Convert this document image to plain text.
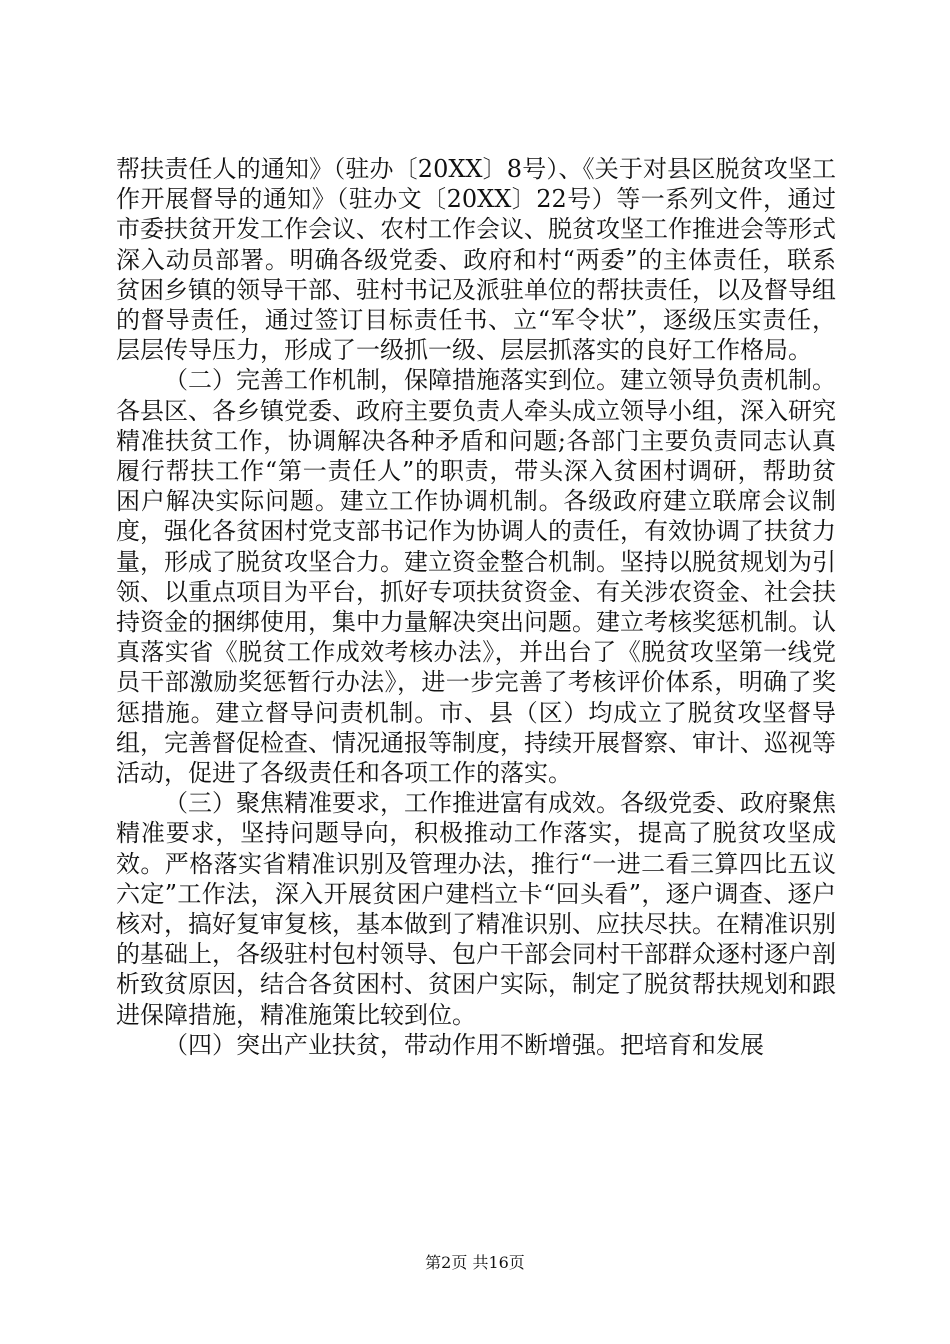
帮扶责任人的通知》（驻办〔20XX〕8号）、《关于对县区脱贫攻坚工作开展督导的通知》（驻办文〔20XX〕22号）等一系列文件，通过市委扶贫开发工作会议、农村工作会议、脱贫攻坚工作推进会等形式深入动员部署。明确各级党委、政府和村“两委”的主体责任，联系贫困乡镇的领导干部、驻村书记及派驻单位的帮扶责任，以及督导组的督导责任，通过签订目标责任书、立“军令状”，逐级压实责任，层层传导压力，形成了一级抓一级、层层抓落实的良好工作格局。

（二）完善工作机制，保障措施落实到位。建立领导负责机制。各县区、各乡镇党委、政府主要负责人牵头成立领导小组，深入研究精准扶贫工作，协调解决各种矛盾和问题;各部门主要负责同志认真履行帮扶工作“第一责任人”的职责，带头深入贫困村调研，帮助贫困户解决实际问题。建立工作协调机制。各级政府建立联席会议制度，强化各贫困村党支部书记作为协调人的责任，有效协调了扶贫力量，形成了脱贫攻坚合力。建立资金整合机制。坚持以脱贫规划为引领、以重点项目为平台，抓好专项扶贫资金、有关涉农资金、社会扶持资金的捆绑使用，集中力量解决突出问题。建立考核奖惩机制。认真落实省《脱贫工作成效考核办法》，并出台了《脱贫攻坚第一线党员干部激励奖惩暂行办法》，进一步完善了考核评价体系，明确了奖惩措施。建立督导问责机制。市、县（区）均成立了脱贫攻坚督导组，完善督促检查、情况通报等制度，持续开展督察、审计、巡视等活动，促进了各级责任和各项工作的落实。

（三）聚焦精准要求，工作推进富有成效。各级党委、政府聚焦精准要求，坚持问题导向，积极推动工作落实，提高了脱贫攻坚成效。严格落实省精准识别及管理办法，推行“一进二看三算四比五议六定”工作法，深入开展贫困户建档立卡“回头看”，逐户调查、逐户核对，搞好复审复核，基本做到了精准识别、应扶尽扶。在精准识别的基础上，各级驻村包村领导、包户干部会同村干部群众逐村逐户剖析致贫原因，结合各贫困村、贫困户实际，制定了脱贫帮扶规划和跟进保障措施，精准施策比较到位。

（四）突出产业扶贫，带动作用不断增强。把培育和发展

第2页 共16页
